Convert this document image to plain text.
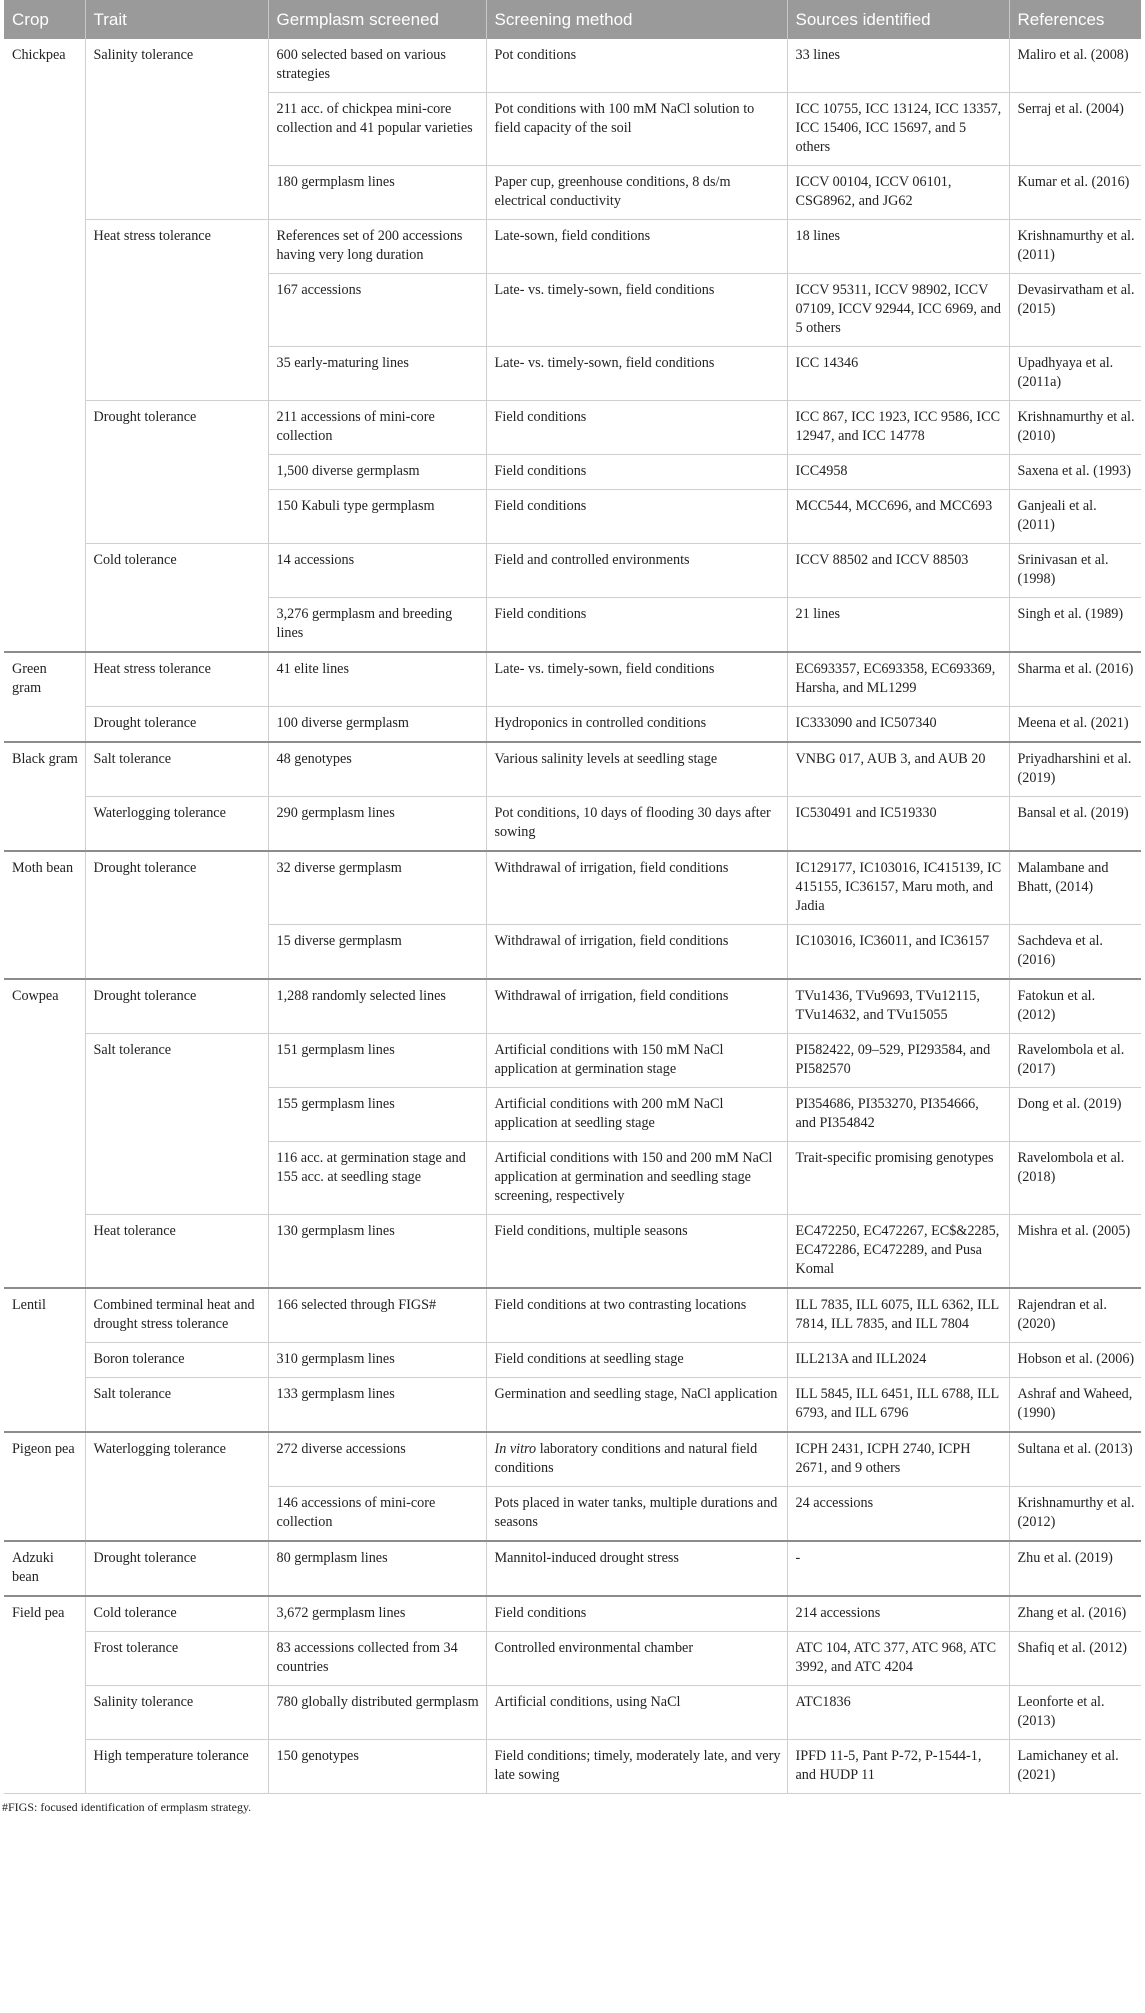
Crop	Trait	Germplasm screened	Screening method	Sources identified	References
Chickpea	Salinity tolerance	600 selected based on various strategies	Pot conditions	33 lines	Maliro et al. (2008)
		211 acc. of chickpea mini-core collection and 41 popular varieties	Pot conditions with 100 mM NaCl solution to field capacity of the soil	ICC 10755, ICC 13124, ICC 13357, ICC 15406, ICC 15697, and 5 others	Serraj et al. (2004)
		180 germplasm lines	Paper cup, greenhouse conditions, 8 ds/m electrical conductivity	ICCV 00104, ICCV 06101, CSG8962, and JG62	Kumar et al. (2016)
	Heat stress tolerance	References set of 200 accessions having very long duration	Late-sown, field conditions	18 lines	Krishnamurthy et al. (2011)
		167 accessions	Late- vs. timely-sown, field conditions	ICCV 95311, ICCV 98902, ICCV 07109, ICCV 92944, ICC 6969, and 5 others	Devasirvatham et al. (2015)
		35 early-maturing lines	Late- vs. timely-sown, field conditions	ICC 14346	Upadhyaya et al. (2011a)
	Drought tolerance	211 accessions of mini-core collection	Field conditions	ICC 867, ICC 1923, ICC 9586, ICC 12947, and ICC 14778	Krishnamurthy et al. (2010)
		1,500 diverse germplasm	Field conditions	ICC4958	Saxena et al. (1993)
		150 Kabuli type germplasm	Field conditions	MCC544, MCC696, and MCC693	Ganjeali et al. (2011)
	Cold tolerance	14 accessions	Field and controlled environments	ICCV 88502 and ICCV 88503	Srinivasan et al. (1998)
		3,276 germplasm and breeding lines	Field conditions	21 lines	Singh et al. (1989)
Green gram	Heat stress tolerance	41 elite lines	Late- vs. timely-sown, field conditions	EC693357, EC693358, EC693369, Harsha, and ML1299	Sharma et al. (2016)
	Drought tolerance	100 diverse germplasm	Hydroponics in controlled conditions	IC333090 and IC507340	Meena et al. (2021)
Black gram	Salt tolerance	48 genotypes	Various salinity levels at seedling stage	VNBG 017, AUB 3, and AUB 20	Priyadharshini et al. (2019)
	Waterlogging tolerance	290 germplasm lines	Pot conditions, 10 days of flooding 30 days after sowing	IC530491 and IC519330	Bansal et al. (2019)
Moth bean	Drought tolerance	32 diverse germplasm	Withdrawal of irrigation, field conditions	IC129177, IC103016, IC415139, IC 415155, IC36157, Maru moth, and Jadia	Malambane and Bhatt, (2014)
		15 diverse germplasm	Withdrawal of irrigation, field conditions	IC103016, IC36011, and IC36157	Sachdeva et al. (2016)
Cowpea	Drought tolerance	1,288 randomly selected lines	Withdrawal of irrigation, field conditions	TVu1436, TVu9693, TVu12115, TVu14632, and TVu15055	Fatokun et al. (2012)
	Salt tolerance	151 germplasm lines	Artificial conditions with 150 mM NaCl application at germination stage	PI582422, 09–529, PI293584, and PI582570	Ravelombola et al. (2017)
		155 germplasm lines	Artificial conditions with 200 mM NaCl application at seedling stage	PI354686, PI353270, PI354666, and PI354842	Dong et al. (2019)
		116 acc. at germination stage and 155 acc. at seedling stage	Artificial conditions with 150 and 200 mM NaCl application at germination and seedling stage screening, respectively	Trait-specific promising genotypes	Ravelombola et al. (2018)
	Heat tolerance	130 germplasm lines	Field conditions, multiple seasons	EC472250, EC472267, EC$&2285, EC472286, EC472289, and Pusa Komal	Mishra et al. (2005)
Lentil	Combined terminal heat and drought stress tolerance	166 selected through FIGS#	Field conditions at two contrasting locations	ILL 7835, ILL 6075, ILL 6362, ILL 7814, ILL 7835, and ILL 7804	Rajendran et al. (2020)
	Boron tolerance	310 germplasm lines	Field conditions at seedling stage	ILL213A and ILL2024	Hobson et al. (2006)
	Salt tolerance	133 germplasm lines	Germination and seedling stage, NaCl application	ILL 5845, ILL 6451, ILL 6788, ILL 6793, and ILL 6796	Ashraf and Waheed, (1990)
Pigeon pea	Waterlogging tolerance	272 diverse accessions	In vitro laboratory conditions and natural field conditions	ICPH 2431, ICPH 2740, ICPH 2671, and 9 others	Sultana et al. (2013)
		146 accessions of mini-core collection	Pots placed in water tanks, multiple durations and seasons	24 accessions	Krishnamurthy et al. (2012)
Adzuki bean	Drought tolerance	80 germplasm lines	Mannitol-induced drought stress	-	Zhu et al. (2019)
Field pea	Cold tolerance	3,672 germplasm lines	Field conditions	214 accessions	Zhang et al. (2016)
	Frost tolerance	83 accessions collected from 34 countries	Controlled environmental chamber	ATC 104, ATC 377, ATC 968, ATC 3992, and ATC 4204	Shafiq et al. (2012)
	Salinity tolerance	780 globally distributed germplasm	Artificial conditions, using NaCl	ATC1836	Leonforte et al. (2013)
	High temperature tolerance	150 genotypes	Field conditions; timely, moderately late, and very late sowing	IPFD 11-5, Pant P-72, P-1544-1, and HUDP 11	Lamichaney et al. (2021)
#FIGS: focused identification of ermplasm strategy.
